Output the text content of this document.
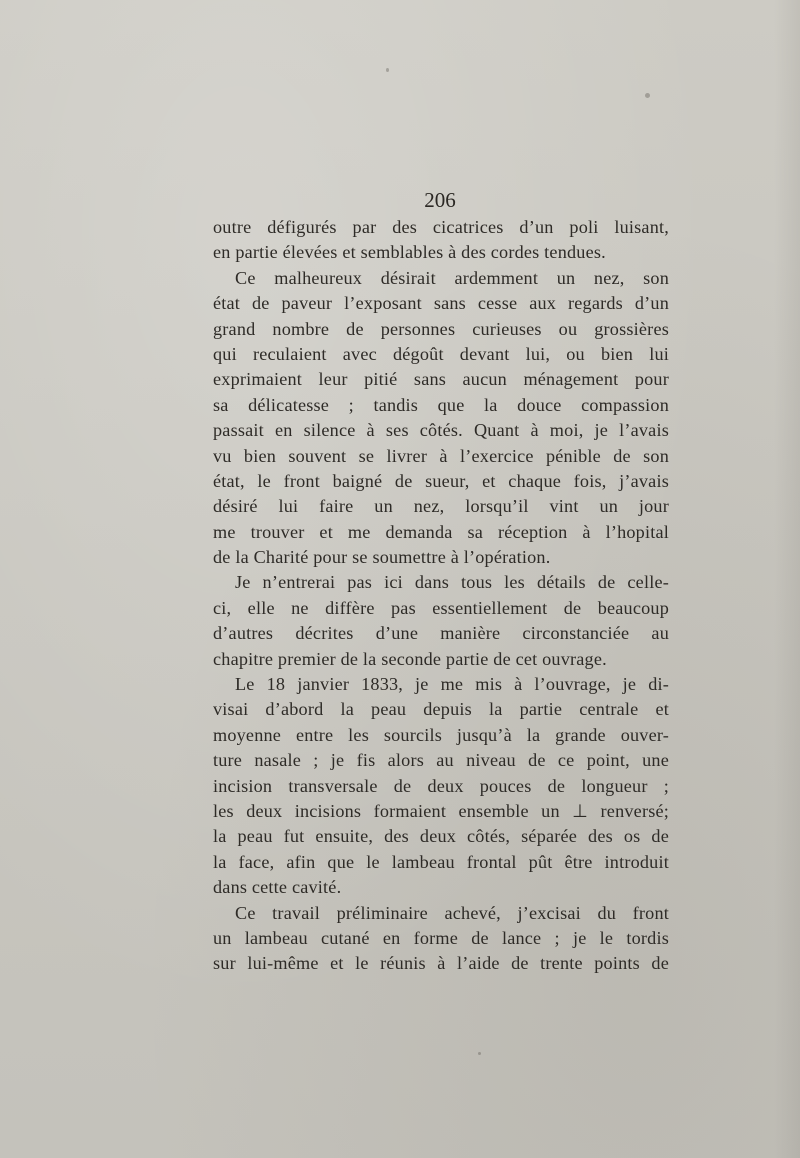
206
outre défigurés par des cicatrices d’un poli luisant,
en partie élevées et semblables à des cordes tendues.
Ce malheureux désirait ardemment un nez, son
état de paveur l’exposant sans cesse aux regards d’un
grand nombre de personnes curieuses ou grossières
qui reculaient avec dégoût devant lui, ou bien lui
exprimaient leur pitié sans aucun ménagement pour
sa délicatesse ; tandis que la douce compassion
passait en silence à ses côtés. Quant à moi, je l’avais
vu bien souvent se livrer à l’exercice pénible de son
état, le front baigné de sueur, et chaque fois, j’avais
désiré lui faire un nez, lorsqu’il vint un jour
me trouver et me demanda sa réception à l’hopital
de la Charité pour se soumettre à l’opération.
Je n’entrerai pas ici dans tous les détails de celle-
ci, elle ne diffère pas essentiellement de beaucoup
d’autres décrites d’une manière circonstanciée au
chapitre premier de la seconde partie de cet ouvrage.
Le 18 janvier 1833, je me mis à l’ouvrage, je di-
visai d’abord la peau depuis la partie centrale et
moyenne entre les sourcils jusqu’à la grande ouver-
ture nasale ; je fis alors au niveau de ce point, une
incision transversale de deux pouces de longueur ;
les deux incisions formaient ensemble un ⊥ renversé;
la peau fut ensuite, des deux côtés, séparée des os de
la face, afin que le lambeau frontal pût être introduit
dans cette cavité.
Ce travail préliminaire achevé, j’excisai du front
un lambeau cutané en forme de lance ; je le tordis
sur lui-même et le réunis à l’aide de trente points de
